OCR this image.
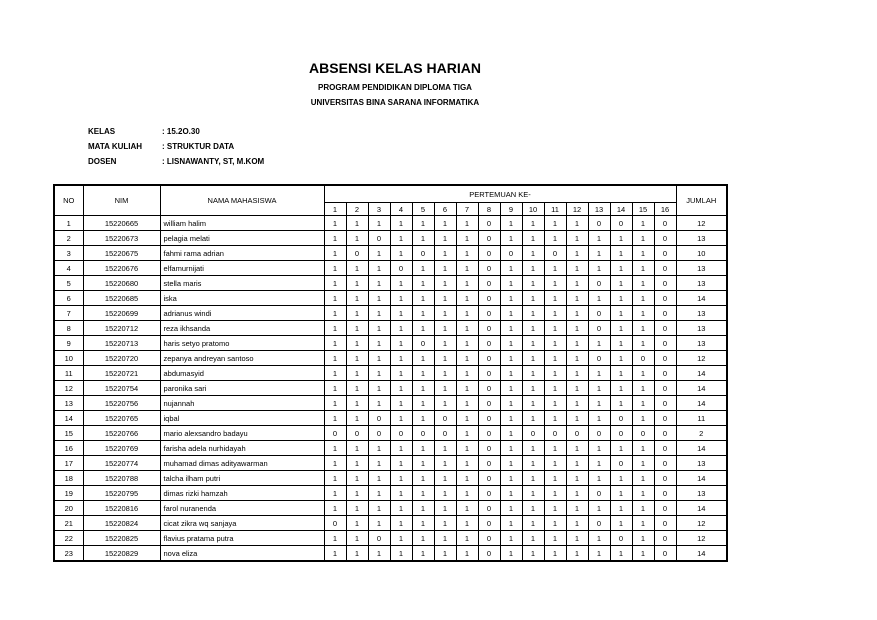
ABSENSI KELAS HARIAN
PROGRAM PENDIDIKAN DIPLOMA TIGA
UNIVERSITAS BINA SARANA INFORMATIKA
KELAS	: 15.2O.30
MATA KULIAH : STRUKTUR DATA
DOSEN	: LISNAWANTY, ST, M.KOM
NO	NIM	NAMA MAHASISWA	PERTEMUAN KE-																JUMLAH
			1	2	3	4	5	6	7	8	9	10	11	12	13	14	15	16	
1	15220665	william halim	1	1	1	1	1	1	1	0	1	1	1	1	0	0	1	0	12
2	15220673	pelagia melati	1	1	0	1	1	1	1	0	1	1	1	1	1	1	1	0	13
3	15220675	fahmi rama adrian	1	0	1	1	0	1	1	0	0	1	0	1	1	1	1	0	10
4	15220676	elfamurnijati	1	1	1	0	1	1	1	0	1	1	1	1	1	1	1	0	13
5	15220680	stella maris	1	1	1	1	1	1	1	0	1	1	1	1	0	1	1	0	13
6	15220685	iska	1	1	1	1	1	1	1	0	1	1	1	1	1	1	1	0	14
7	15220699	adrianus windi	1	1	1	1	1	1	1	0	1	1	1	1	0	1	1	0	13
8	15220712	reza ikhsanda	1	1	1	1	1	1	1	0	1	1	1	1	0	1	1	0	13
9	15220713	haris setyo pratomo	1	1	1	1	0	1	1	0	1	1	1	1	1	1	1	0	13
10	15220720	zepanya andreyan santoso	1	1	1	1	1	1	1	0	1	1	1	1	0	1	0	0	12
11	15220721	abdumasyid	1	1	1	1	1	1	1	0	1	1	1	1	1	1	1	0	14
12	15220754	paronika sari	1	1	1	1	1	1	1	0	1	1	1	1	1	1	1	0	14
13	15220756	nujannah	1	1	1	1	1	1	1	0	1	1	1	1	1	1	1	0	14
14	15220765	iqbal	1	1	0	1	1	0	1	0	1	1	1	1	1	0	1	0	11
15	15220766	mario alexsandro badayu	0	0	0	0	0	0	1	0	1	0	0	0	0	0	0	0	2
16	15220769	farisha adela nurhidayah	1	1	1	1	1	1	1	0	1	1	1	1	1	1	1	0	14
17	15220774	muhamad dimas adityawarman	1	1	1	1	1	1	1	0	1	1	1	1	1	0	1	0	13
18	15220788	talcha ilham putri	1	1	1	1	1	1	1	0	1	1	1	1	1	1	1	0	14
19	15220795	dimas rizki hamzah	1	1	1	1	1	1	1	0	1	1	1	1	0	1	1	0	13
20	15220816	farol nuranenda	1	1	1	1	1	1	1	0	1	1	1	1	1	1	1	0	14
21	15220824	cicat zikra wq sanjaya	0	1	1	1	1	1	1	0	1	1	1	1	0	1	1	0	12
22	15220825	flavius pratama putra	1	1	0	1	1	1	1	0	1	1	1	1	1	0	1	0	12
23	15220829	nova eliza	1	1	1	1	1	1	1	0	1	1	1	1	1	1	1	0	14
